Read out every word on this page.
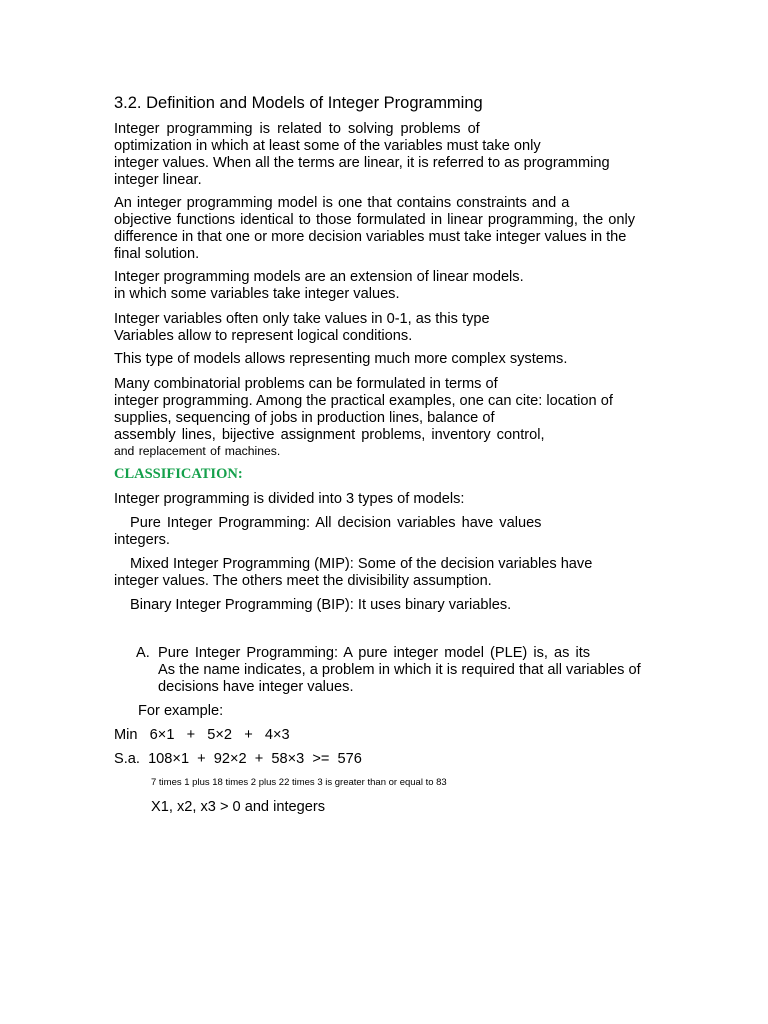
3.2. Definition and Models of Integer Programming
Integer programming is related to solving problems of
optimization in which at least some of the variables must take only
integer values. When all the terms are linear, it is referred to as programming
integer linear.
An integer programming model is one that contains constraints and a
objective functions identical to those formulated in linear programming, the only
difference in that one or more decision variables must take integer values in the
final solution.
Integer programming models are an extension of linear models.
in which some variables take integer values.
Integer variables often only take values in 0-1, as this type
Variables allow to represent logical conditions.
This type of models allows representing much more complex systems.
Many combinatorial problems can be formulated in terms of
integer programming. Among the practical examples, one can cite: location of
supplies, sequencing of jobs in production lines, balance of
assembly lines, bijective assignment problems, inventory control,
and replacement of machines.
CLASSIFICATION:
Integer programming is divided into 3 types of models:
Pure Integer Programming: All decision variables have values
integers.
Mixed Integer Programming (MIP): Some of the decision variables have
integer values. The others meet the divisibility assumption.
Binary Integer Programming (BIP): It uses binary variables.
A. Pure Integer Programming: A pure integer model (PLE) is, as its
As the name indicates, a problem in which it is required that all variables of
decisions have integer values.
For example:
Min   6×1   +   5×2   +   4×3
S.a.  108×1  +  92×2  +  58×3  >=  576
7 times 1 plus 18 times 2 plus 22 times 3 is greater than or equal to 83
X1, x2, x3 > 0 and integers
